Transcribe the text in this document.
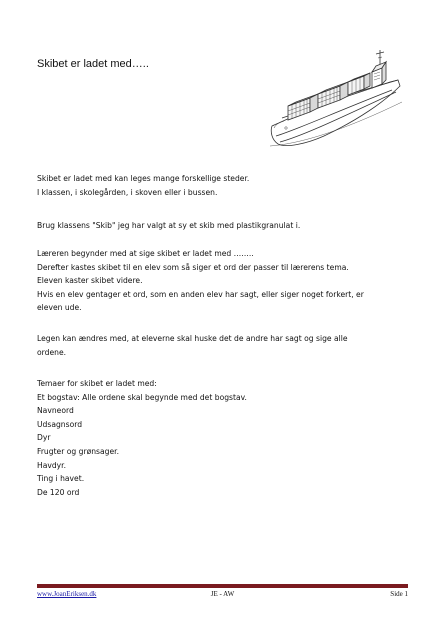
Skibet er ladet med…..
Skibet er ladet med kan leges mange forskellige steder.
I klassen, i skolegården, i skoven eller i bussen.
Brug klassens "Skib" jeg har valgt at sy et skib med plastikgranulat i.
Læreren begynder med at sige skibet er ladet med ……..
Derefter kastes skibet til en elev som så siger et ord der passer til lærerens tema.
Eleven kaster skibet videre.
Hvis en elev gentager et ord, som en anden elev har sagt, eller siger noget forkert, er
eleven ude.
Legen kan ændres med, at eleverne skal huske det de andre har sagt og sige alle
ordene.
Temaer for skibet er ladet med:
Et bogstav: Alle ordene skal begynde med det bogstav.
Navneord
Udsagnsord
Dyr
Frugter og grønsager.
Havdyr.
Ting i havet.
De 120 ord
www.JoanEriksen.dk	JE - AW	Side 1
